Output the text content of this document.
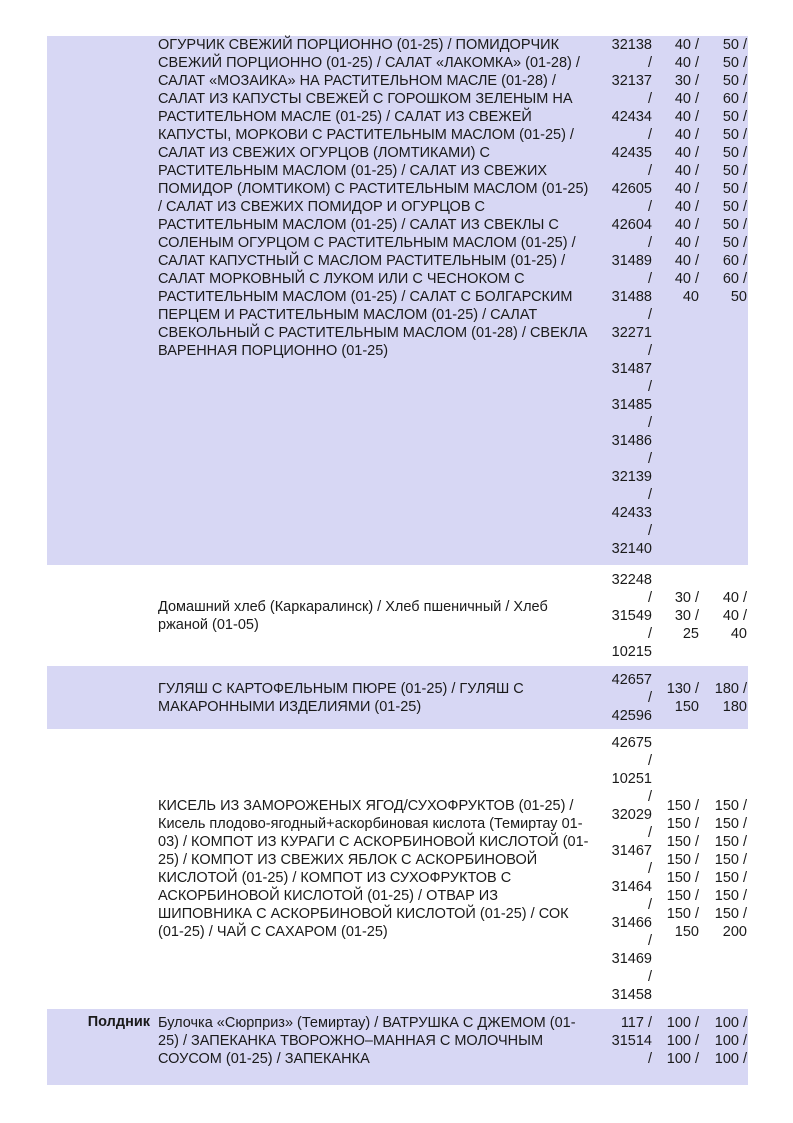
ОГУРЧИК СВЕЖИЙ ПОРЦИОННО (01-25) / ПОМИДОРЧИК СВЕЖИЙ ПОРЦИОННО (01-25) / САЛАТ «ЛАКОМКА» (01-28) / САЛАТ «МОЗАИКА» НА РАСТИТЕЛЬНОМ МАСЛЕ (01-28) / САЛАТ ИЗ КАПУСТЫ СВЕЖЕЙ С ГОРОШКОМ ЗЕЛЕНЫМ НА РАСТИТЕЛЬНОМ МАСЛЕ (01-25) / САЛАТ ИЗ СВЕЖЕЙ КАПУСТЫ, МОРКОВИ С РАСТИТЕЛЬНЫМ МАСЛОМ (01-25) / САЛАТ ИЗ СВЕЖИХ ОГУРЦОВ (ЛОМТИКАМИ) С РАСТИТЕЛЬНЫМ МАСЛОМ (01-25) / САЛАТ ИЗ СВЕЖИХ ПОМИДОР (ЛОМТИКОМ) С РАСТИТЕЛЬНЫМ МАСЛОМ (01-25) / САЛАТ ИЗ СВЕЖИХ ПОМИДОР И ОГУРЦОВ С РАСТИТЕЛЬНЫМ МАСЛОМ (01-25) / САЛАТ ИЗ СВЕКЛЫ С СОЛЕНЫМ ОГУРЦОМ С РАСТИТЕЛЬНЫМ МАСЛОМ (01-25) / САЛАТ КАПУСТНЫЙ С МАСЛОМ РАСТИТЕЛЬНЫМ (01-25) / САЛАТ МОРКОВНЫЙ С ЛУКОМ ИЛИ С ЧЕСНОКОМ С РАСТИТЕЛЬНЫМ МАСЛОМ (01-25) / САЛАТ С БОЛГАРСКИМ ПЕРЦЕМ И РАСТИТЕЛЬНЫМ МАСЛОМ (01-25) / САЛАТ СВЕКОЛЬНЫЙ С РАСТИТЕЛЬНЫМ МАСЛОМ (01-28) / СВЕКЛА ВАРЕННАЯ ПОРЦИОННО (01-25)
32138
/
32137
/
42434
/
42435
/
42605
/
42604
/
31489
/
31488
/
32271
/
31487
/
31485
/
31486
/
32139
/
42433
/
32140
40 /
40 /
30 /
40 /
40 /
40 /
40 /
40 /
40 /
40 /
40 /
40 /
40 /
40 /
40
50 /
50 /
50 /
60 /
50 /
50 /
50 /
50 /
50 /
50 /
50 /
50 /
60 /
60 /
50
Домашний хлеб (Каркаралинск) / Хлеб пшеничный / Хлеб ржаной (01-05)
32248
/
31549
/
10215
30 /
30 /
25
40 /
40 /
40
ГУЛЯШ С КАРТОФЕЛЬНЫМ ПЮРЕ (01-25) / ГУЛЯШ С МАКАРОННЫМИ ИЗДЕЛИЯМИ (01-25)
42657
/
42596
130 /
150
180 /
180
КИСЕЛЬ ИЗ ЗАМОРОЖЕНЫХ ЯГОД/СУХОФРУКТОВ (01-25) / Кисель плодово-ягодный+аскорбиновая кислота (Темиртау 01-03) / КОМПОТ ИЗ КУРАГИ С АСКОРБИНОВОЙ КИСЛОТОЙ (01-25) / КОМПОТ ИЗ СВЕЖИХ ЯБЛОК С АСКОРБИНОВОЙ КИСЛОТОЙ (01-25) / КОМПОТ ИЗ СУХОФРУКТОВ С АСКОРБИНОВОЙ КИСЛОТОЙ (01-25) / ОТВАР ИЗ ШИПОВНИКА С АСКОРБИНОВОЙ КИСЛОТОЙ (01-25) / СОК (01-25) / ЧАЙ С САХАРОМ (01-25)
42675
/
10251
/
32029
/
31467
/
31464
/
31466
/
31469
/
31458
150 /
150 /
150 /
150 /
150 /
150 /
150 /
150
150 /
150 /
150 /
150 /
150 /
150 /
150 /
200
Полдник Булочка «Сюрприз» (Темиртау) / ВАТРУШКА С ДЖЕМОМ (01-25) / ЗАПЕКАНКА ТВОРОЖНО–МАННАЯ С МОЛОЧНЫМ СОУСОМ (01-25) / ЗАПЕКАНКА
117 /
31514
/
100 /
100 /
100 /
100 /
100 /
100 /
